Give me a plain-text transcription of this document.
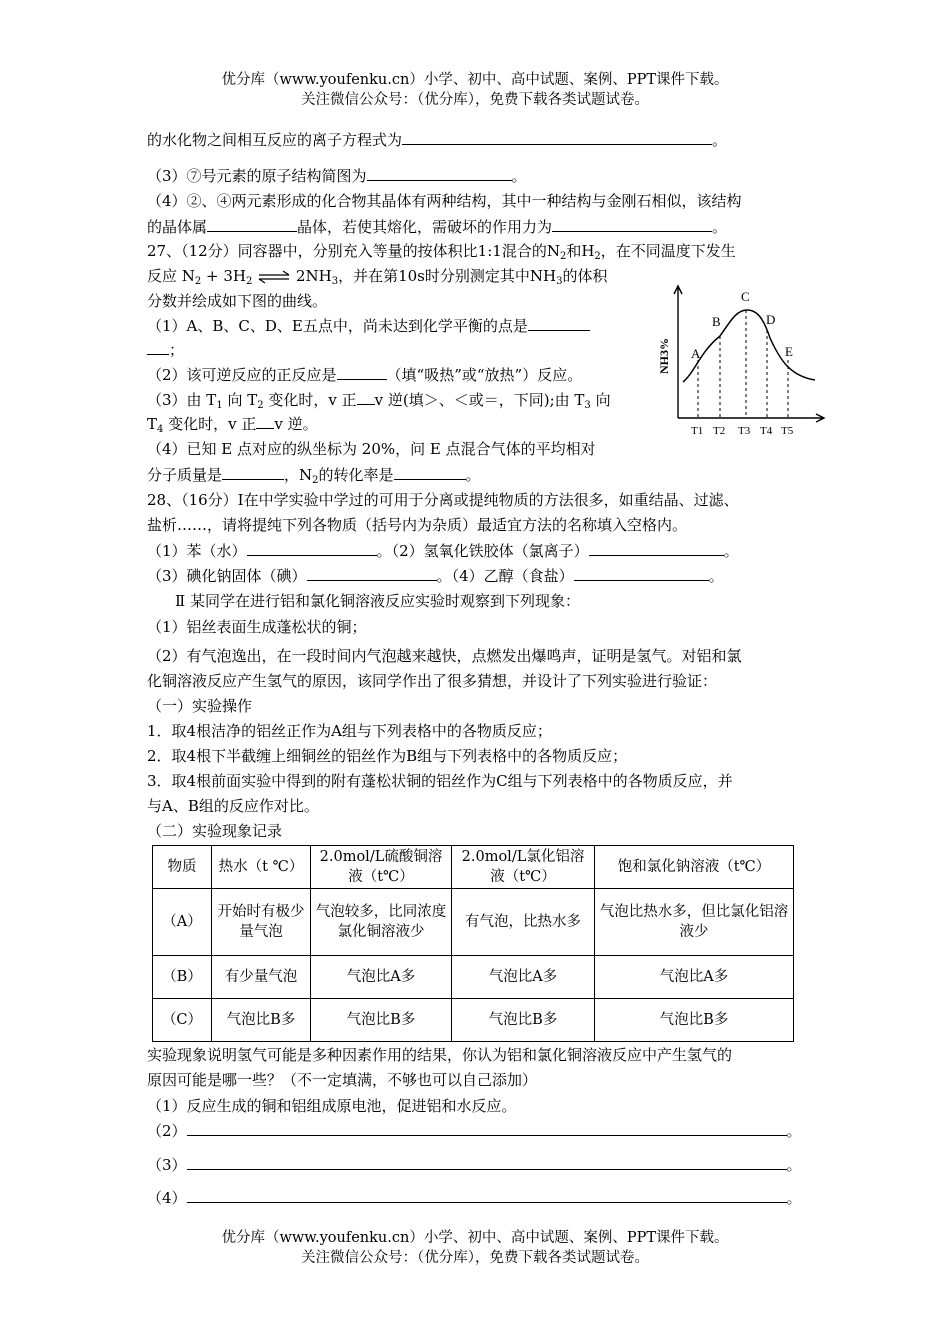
优分库（www.youfenku.cn）小学、初中、高中试题、案例、PPT课件下载。
关注微信公众号：（优分库），免费下载各类试题试卷。
的水化物之间相互反应的离子方程式为	。
（3）⑦号元素的原子结构简图为	。
（4）②、④两元素形成的化合物其晶体有两种结构，其中一种结构与金刚石相似，该结构
的晶体属	晶体，若使其熔化，需破坏的作用力为	。
27、（12分）同容器中，分别充入等量的按体积比1:1混合的$N_2$和$H_2$，在不同温度下发生
反应 $N_2 + 3H_2$ ⇌ $2NH_3$，并在第10s时分别测定其中$NH_3$的体积
分数并绘成如下图的曲线。
（1）A、B、C、D、E五点中，尚未达到化学平衡的点是
；
（2）该可逆反应的正反应是	（填“吸热”或“放热”）反应。
（3）由 $T_1$ 向 $T_2$ 变化时，v 正 v 逆(填＞、＜或＝，下同);由 $T_3$ 向
$T_4$ 变化时，v 正 v 逆。
（4）已知 E 点对应的纵坐标为 20%，问 E 点混合气体的平均相对
分子质量是	，$N_2$的转化率是	。
NH3% A
B
C
D
E
T1 T2 T3 T4 T5
28、（16分）Ⅰ在中学实验中学过的可用于分离或提纯物质的方法很多，如重结晶、过滤、
盐析……，请将提纯下列各物质（括号内为杂质）最适宜方法的名称填入空格内。
（1）苯（水）	。（2）氢氧化铁胶体（氯离子）	。
（3）碘化钠固体（碘）	。（4）乙醇（食盐）	。
Ⅱ 某同学在进行铝和氯化铜溶液反应实验时观察到下列现象：
（1）铝丝表面生成蓬松状的铜；
（2）有气泡逸出，在一段时间内气泡越来越快，点燃发出爆鸣声，证明是氢气。对铝和氯
化铜溶液反应产生氢气的原因，该同学作出了很多猜想，并设计了下列实验进行验证：
（一）实验操作
1．取4根洁净的铝丝正作为A组与下列表格中的各物质反应；
2．取4根下半截缠上细铜丝的铝丝作为B组与下列表格中的各物质反应；
3．取4根前面实验中得到的附有蓬松状铜的铝丝作为C组与下列表格中的各物质反应，并
与A、B组的反应作对比。
（二）实验现象记录
物质	热水（t ℃）	2.0mol/L硫酸铜溶液（t℃）	2.0mol/L氯化铝溶液（t℃）	饱和氯化钠溶液（t℃）
（A）	开始时有极少量气泡	气泡较多，比同浓度氯化铜溶液少	有气泡，比热水多	气泡比热水多，但比氯化铝溶液少
（B）	有少量气泡	气泡比A多	气泡比A多	气泡比A多
（C）	气泡比B多	气泡比B多	气泡比B多	气泡比B多
实验现象说明氢气可能是多种因素作用的结果，你认为铝和氯化铜溶液反应中产生氢气的
原因可能是哪一些？（不一定填满，不够也可以自己添加）
（1）反应生成的铜和铝组成原电池，促进铝和水反应。
（2）	。
（3）	。
（4）	。
优分库（www.youfenku.cn）小学、初中、高中试题、案例、PPT课件下载。
关注微信公众号：（优分库），免费下载各类试题试卷。
